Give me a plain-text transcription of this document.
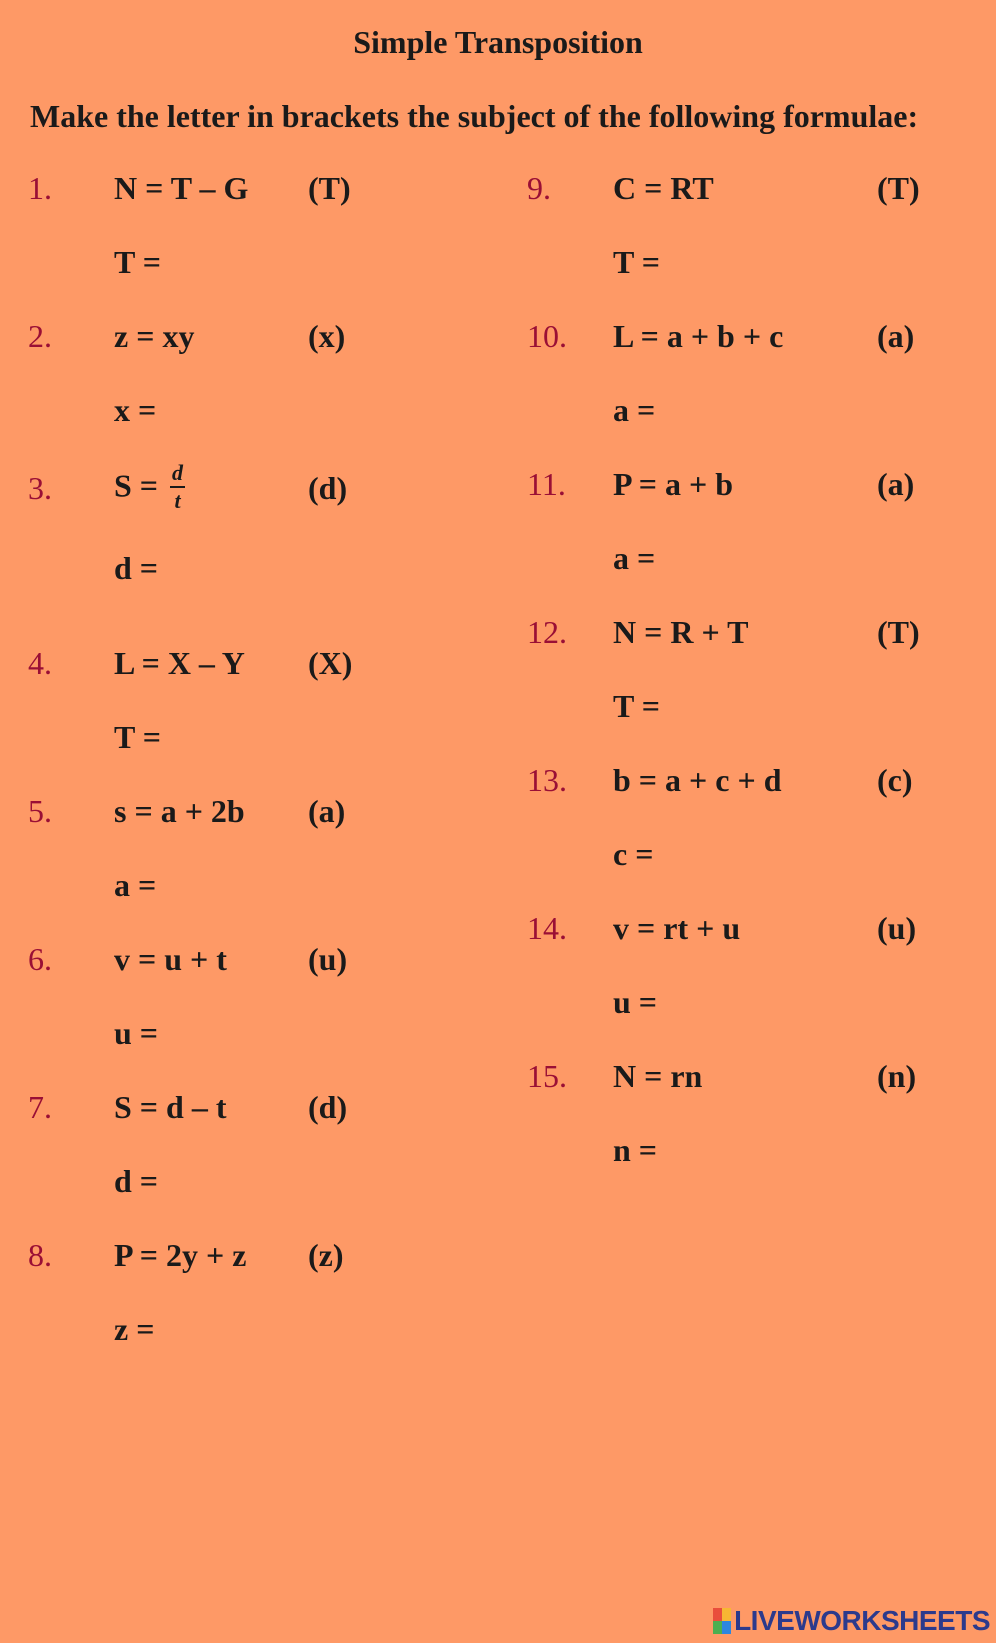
Simple Transposition
Make the letter in brackets the subject of the following formulae:
1. N = T – G (T)
T =
2. z = xy	(x)
x =
3. $S = \frac{d}{t}$	(d)
d =
4. L = X – Y (X)
T =
5. s = a + 2b (a)
a =
6. v = u + t	(u)
u =
7. S = d – t	(d)
d =
8. P = 2y + z (z)
z =
9. C = RT	(T)
T =
10. L = a + b + c	(a)
a =
11. P = a + b	(a)
a =
12. N = R + T	(T)
T =
13. b = a + c + d	(c)
c =
14. v = rt + u	(u)
u =
15. N = rn	(n)
n =
LIVEWORKSHEETS
